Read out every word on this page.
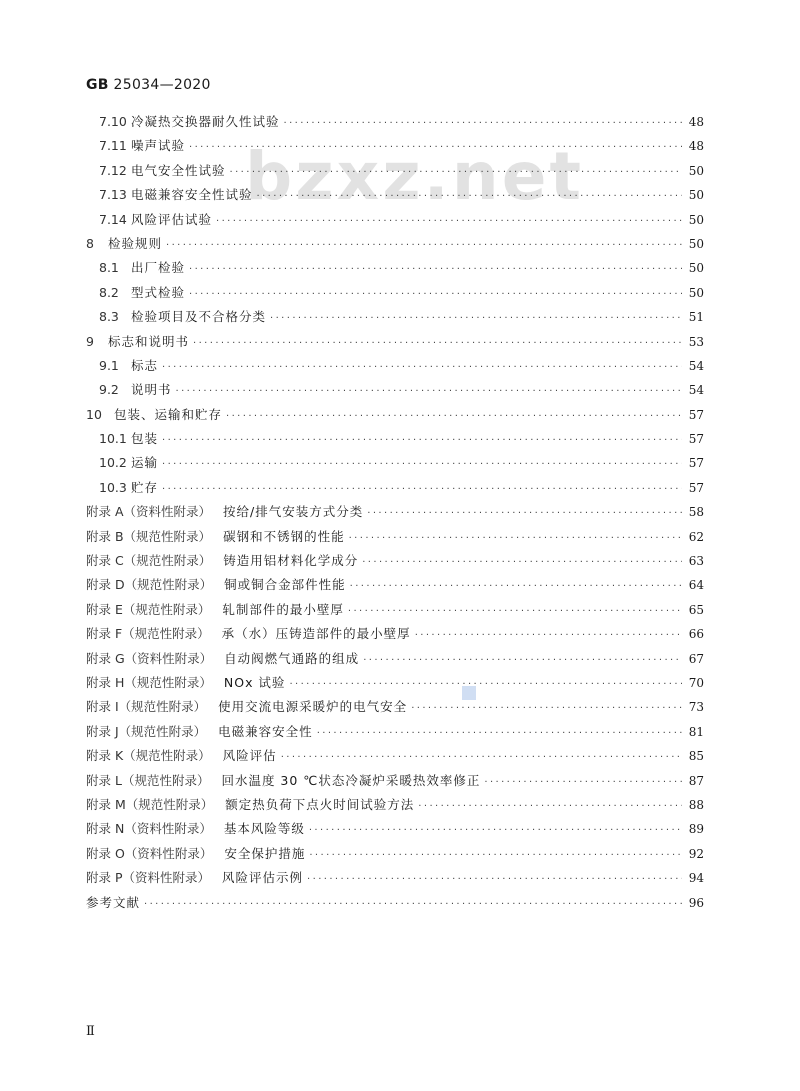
GB 25034—2020
bzxz.net
7.10 冷凝热交换器耐久性试验 ·····	48
7.11 噪声试验 ·····	48
7.12 电气安全性试验 ·····	50
7.13 电磁兼容安全性试验 ·····	50
7.14 风险评估试验 ·····	50
8	检验规则 ·····	50
8.1 出厂检验 ·····	50
8.2 型式检验 ·····	50
8.3 检验项目及不合格分类 ·····	51
9	标志和说明书 ·····	53
9.1 标志 ·····	54
9.2 说明书 ·····	54
10 包装、运输和贮存 ·····	57
10.1 包装 ·····	57
10.2 运输 ·····	57
10.3 贮存 ·····	57
附录 A（资料性附录） 按给/排气安装方式分类 ·····	58
附录 B（规范性附录） 碳钢和不锈钢的性能 ·····	62
附录 C（规范性附录） 铸造用铝材料化学成分 ·····	63
附录 D（规范性附录） 铜或铜合金部件性能 ·····	64
附录 E（规范性附录） 轧制部件的最小壁厚 ·····	65
附录 F（规范性附录） 承（水）压铸造部件的最小壁厚 ·····	66
附录 G（资料性附录） 自动阀燃气通路的组成 ·····	67
附录 H（规范性附录） NOx 试验 ·····	70
附录 I（规范性附录） 使用交流电源采暖炉的电气安全 ·····	73
附录 J（规范性附录） 电磁兼容安全性 ·····	81
附录 K（规范性附录） 风险评估 ·····	85
附录 L（规范性附录） 回水温度 30 ℃状态冷凝炉采暖热效率修正 ·····	87
附录 M（规范性附录） 额定热负荷下点火时间试验方法 ·····	88
附录 N（资料性附录） 基本风险等级 ·····	89
附录 O（资料性附录） 安全保护措施 ·····	92
附录 P（资料性附录） 风险评估示例 ·····	94
参考文献 ·····	96
Ⅱ
